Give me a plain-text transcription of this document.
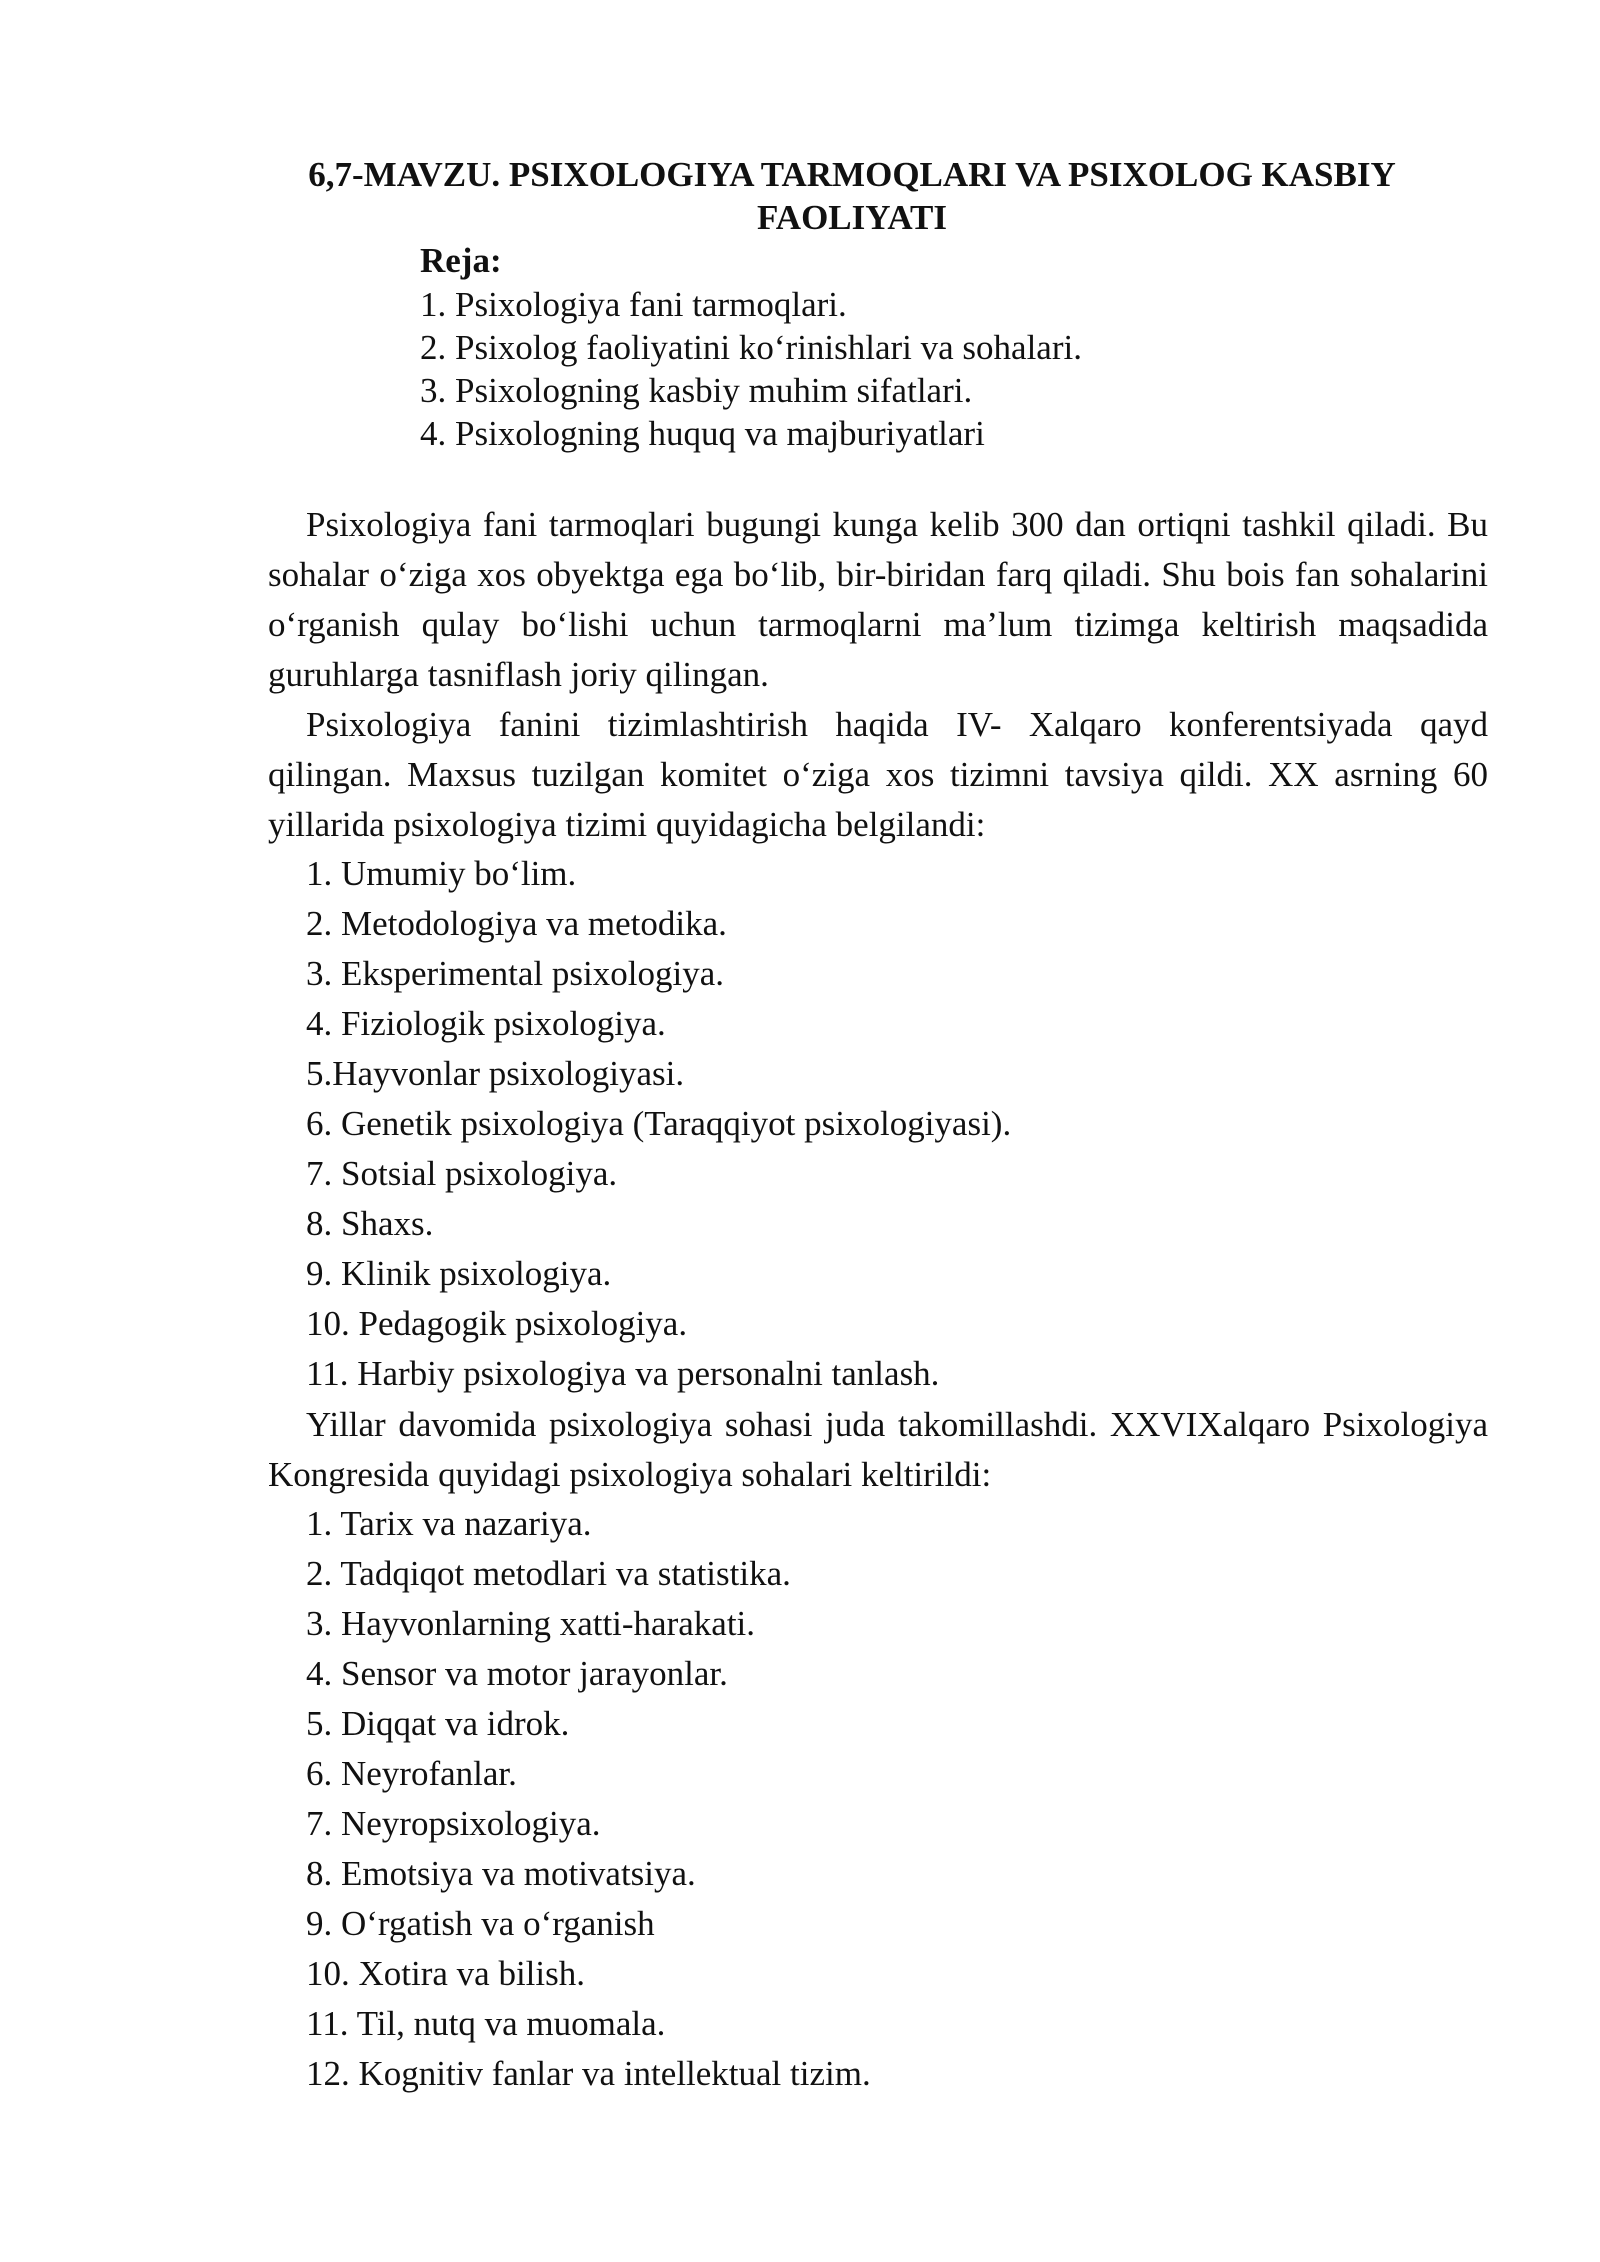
6,7-MAVZU. PSIXOLOGIYA TARMOQLARI VA PSIXOLOG KASBIY
FAOLIYATI
Reja:
1. Psixologiya fani tarmoqlari.
2. Psixolog faoliyatini ko‘rinishlari va sohalari.
3. Psixologning kasbiy muhim sifatlari.
4. Psixologning huquq va majburiyatlari
Psixologiya fani tarmoqlari bugungi kunga kelib 300 dan ortiqni tashkil qiladi. Bu sohalar o‘ziga xos obyektga ega bo‘lib, bir-biridan farq qiladi. Shu bois fan sohalarini o‘rganish qulay bo‘lishi uchun tarmoqlarni ma’lum tizimga keltirish maqsadida guruhlarga tasniflash joriy qilingan.
Psixologiya fanini tizimlashtirish haqida IV- Xalqaro konferentsiyada qayd qilingan. Maxsus tuzilgan komitet o‘ziga xos tizimni tavsiya qildi. XX asrning 60 yillarida psixologiya tizimi quyidagicha belgilandi:
1. Umumiy bo‘lim.
2. Metodologiya va metodika.
3. Eksperimental psixologiya.
4. Fiziologik psixologiya.
5.Hayvonlar psixologiyasi.
6. Genetik psixologiya (Taraqqiyot psixologiyasi).
7. Sotsial psixologiya.
8. Shaxs.
9. Klinik psixologiya.
10. Pedagogik psixologiya.
11. Harbiy psixologiya va personalni tanlash.
Yillar davomida psixologiya sohasi juda takomillashdi. XXVIXalqaro Psixologiya Kongresida quyidagi psixologiya sohalari keltirildi:
1. Tarix va nazariya.
2. Tadqiqot metodlari va statistika.
3. Hayvonlarning xatti-harakati.
4. Sensor va motor jarayonlar.
5. Diqqat va idrok.
6. Neyrofanlar.
7. Neyropsixologiya.
8. Emotsiya va motivatsiya.
9. O‘rgatish va o‘rganish
10. Xotira va bilish.
11. Til, nutq va muomala.
12. Kognitiv fanlar va intellektual tizim.
